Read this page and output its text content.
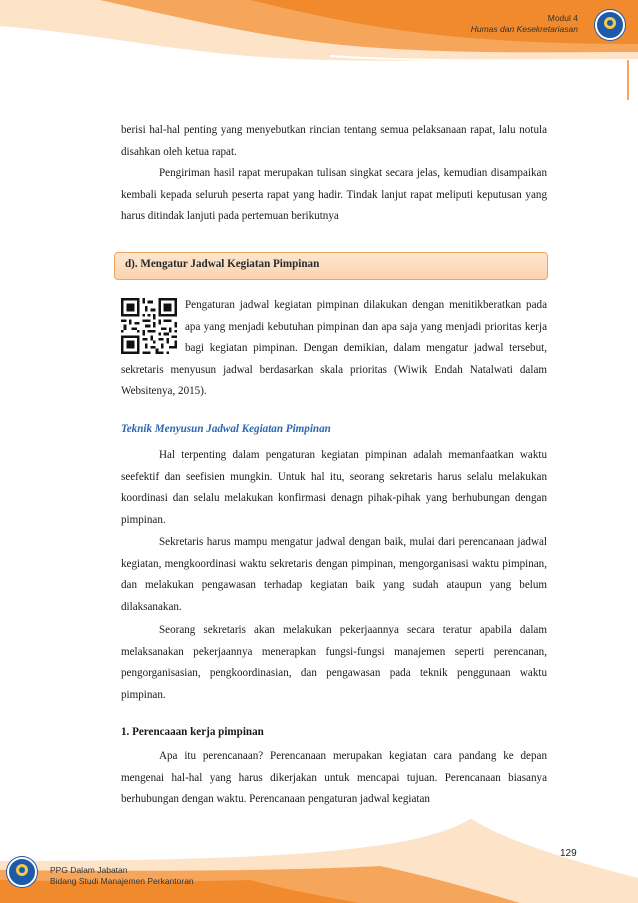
Modul 4
Humas dan Kesekretariasan

berisi hal-hal penting yang menyebutkan rincian tentang semua pelaksanaan rapat, lalu notula disahkan oleh ketua rapat.

Pengiriman hasil rapat merupakan tulisan singkat secara jelas, kemudian disampaikan kembali kepada seluruh peserta rapat yang hadir. Tindak lanjut rapat meliputi keputusan yang harus ditindak lanjuti pada pertemuan berikutnya

d). Mengatur Jadwal Kegiatan Pimpinan

Pengaturan jadwal kegiatan pimpinan dilakukan dengan menitikberatkan pada apa yang menjadi kebutuhan pimpinan dan apa saja yang menjadi prioritas kerja bagi kegiatan pimpinan. Dengan demikian, dalam mengatur jadwal tersebut, sekretaris menyusun jadwal berdasarkan skala prioritas (Wiwik Endah Natalwati dalam Websitenya, 2015).

Teknik Menyusun Jadwal Kegiatan Pimpinan

Hal terpenting dalam pengaturan kegiatan pimpinan adalah memanfaatkan waktu seefektif dan seefisien mungkin. Untuk hal itu, seorang sekretaris harus selalu melakukan koordinasi dan selalu melakukan konfirmasi denagn pihak-pihak yang berhubungan dengan pimpinan.

Sekretaris harus mampu mengatur jadwal dengan baik, mulai dari perencanaan jadwal kegiatan, mengkoordinasi waktu sekretaris dengan pimpinan, mengorganisasi waktu pimpinan, dan melakukan pengawasan terhadap kegiatan baik yang sudah ataupun yang belum dilaksanakan.

Seorang sekretaris akan melakukan pekerjaannya secara teratur apabila dalam melaksanakan pekerjaannya menerapkan fungsi-fungsi manajemen seperti perencanan, pengorganisasian, pengkoordinasian, dan pengawasan pada teknik penggunaan waktu pimpinan.

1. Perencaaan kerja pimpinan

Apa itu perencanaan? Perencanaan merupakan kegiatan cara pandang ke depan mengenai hal-hal yang harus dikerjakan untuk mencapai tujuan. Perencanaan biasanya berhubungan dengan waktu. Perencanaan pengaturan jadwal kegiatan

129
PPG Dalam Jabatan
Bidang Studi Manajemen Perkantoran
